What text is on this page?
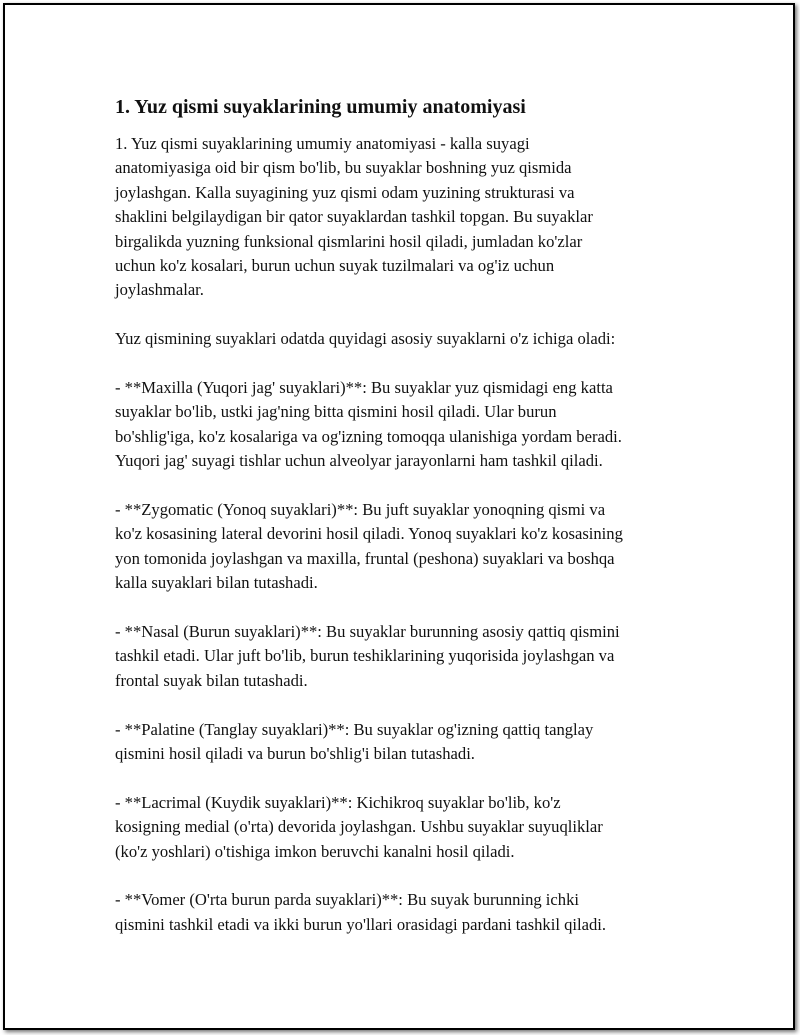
1. Yuz qismi suyaklarining umumiy anatomiyasi

1. Yuz qismi suyaklarining umumiy anatomiyasi - kalla suyagi
anatomiyasiga oid bir qism bo'lib, bu suyaklar boshning yuz qismida
joylashgan. Kalla suyagining yuz qismi odam yuzining strukturasi va
shaklini belgilaydigan bir qator suyaklardan tashkil topgan. Bu suyaklar
birgalikda yuzning funksional qismlarini hosil qiladi, jumladan ko'zlar
uchun ko'z kosalari, burun uchun suyak tuzilmalari va og'iz uchun
joylashmalar.

Yuz qismining suyaklari odatda quyidagi asosiy suyaklarni o'z ichiga oladi:

- **Maxilla (Yuqori jag' suyaklari)**: Bu suyaklar yuz qismidagi eng katta
suyaklar bo'lib, ustki jag'ning bitta qismini hosil qiladi. Ular burun
bo'shlig'iga, ko'z kosalariga va og'izning tomoqqa ulanishiga yordam beradi.
Yuqori jag' suyagi tishlar uchun alveolyar jarayonlarni ham tashkil qiladi.

- **Zygomatic (Yonoq suyaklari)**: Bu juft suyaklar yonoqning qismi va
ko'z kosasining lateral devorini hosil qiladi. Yonoq suyaklari ko'z kosasining
yon tomonida joylashgan va maxilla, fruntal (peshona) suyaklari va boshqa
kalla suyaklari bilan tutashadi.

- **Nasal (Burun suyaklari)**: Bu suyaklar burunning asosiy qattiq qismini
tashkil etadi. Ular juft bo'lib, burun teshiklarining yuqorisida joylashgan va
frontal suyak bilan tutashadi.

- **Palatine (Tanglay suyaklari)**: Bu suyaklar og'izning qattiq tanglay
qismini hosil qiladi va burun bo'shlig'i bilan tutashadi.

- **Lacrimal (Kuydik suyaklari)**: Kichikroq suyaklar bo'lib, ko'z
kosigning medial (o'rta) devorida joylashgan. Ushbu suyaklar suyuqliklar
(ko'z yoshlari) o'tishiga imkon beruvchi kanalni hosil qiladi.

- **Vomer (O'rta burun parda suyaklari)**: Bu suyak burunning ichki
qismini tashkil etadi va ikki burun yo'llari orasidagi pardani tashkil qiladi.
